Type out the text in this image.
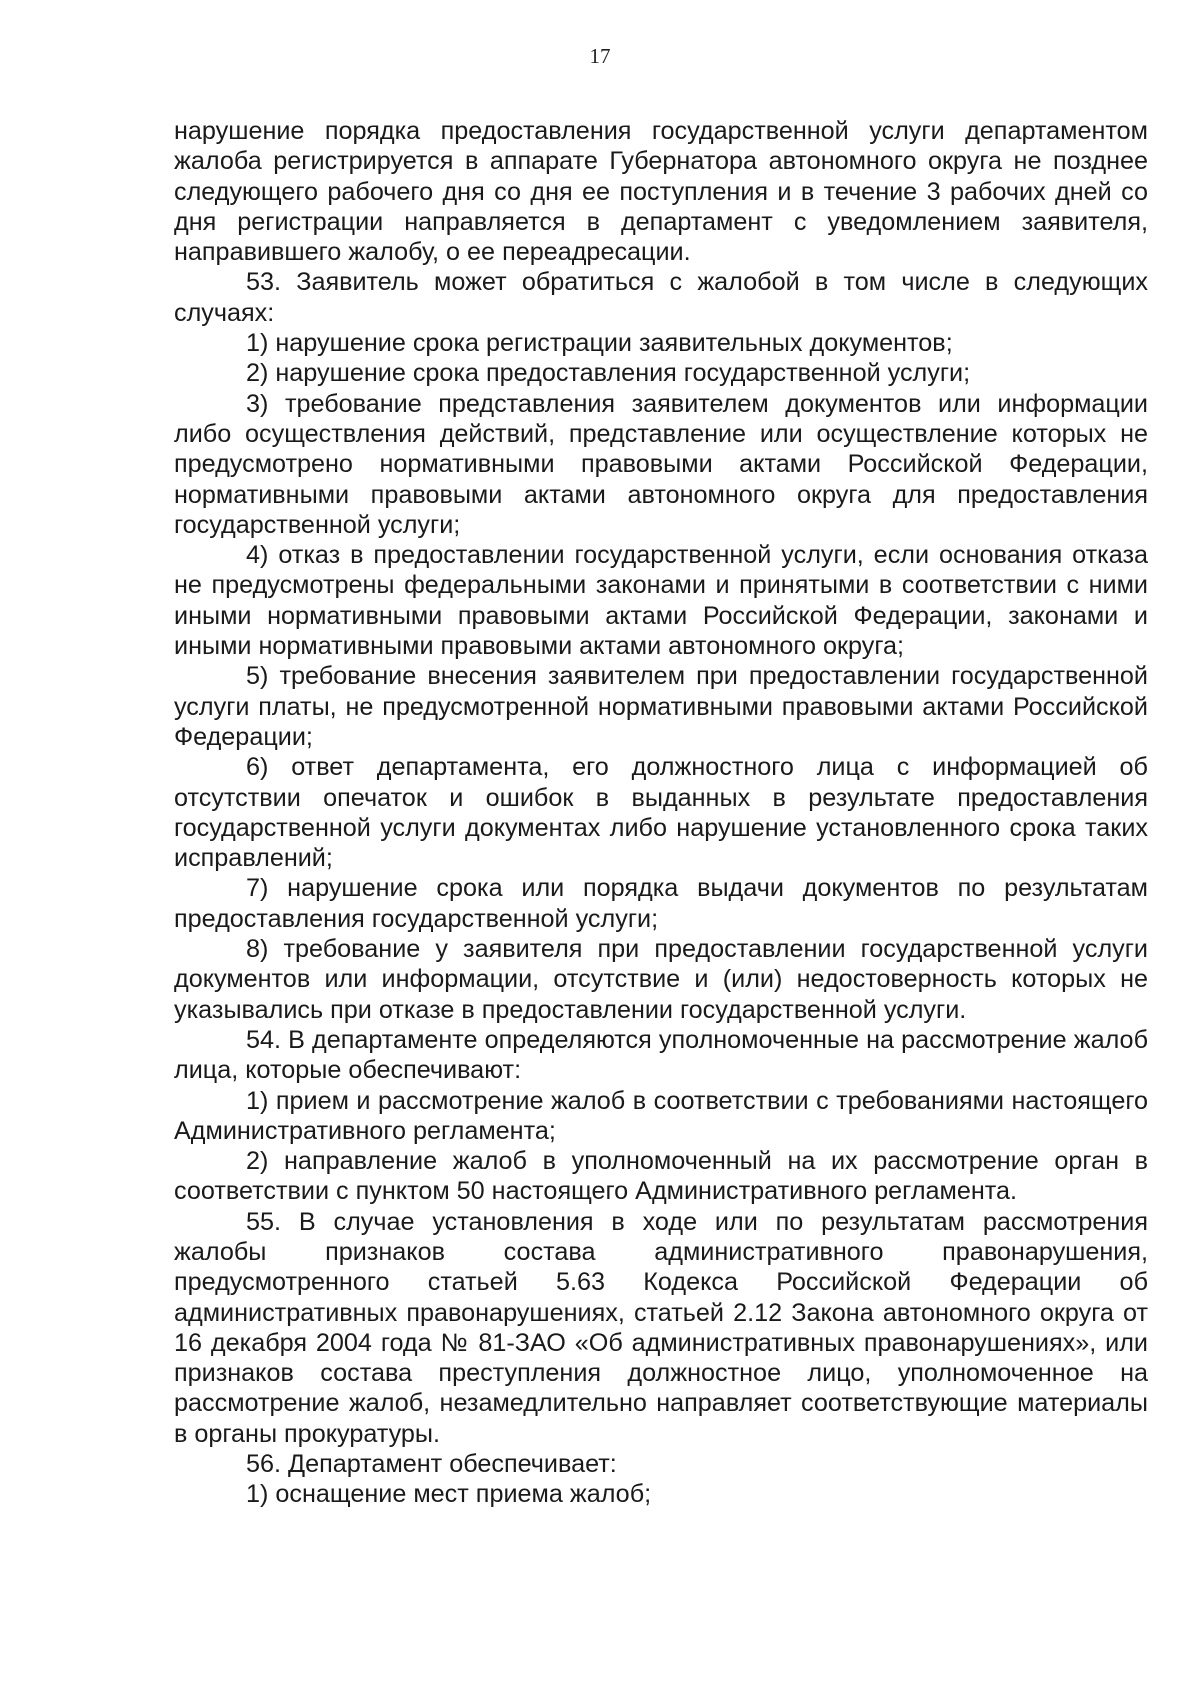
17

нарушение порядка предоставления государственной услуги департаментом жалоба регистрируется в аппарате Губернатора автономного округа не позднее следующего рабочего дня со дня ее поступления и в течение 3 рабочих дней со дня регистрации направляется в департамент с уведомлением заявителя, направившего жалобу, о ее переадресации.

53. Заявитель может обратиться с жалобой в том числе в следующих случаях:

1) нарушение срока регистрации заявительных документов;

2) нарушение срока предоставления государственной услуги;

3) требование представления заявителем документов или информации либо осуществления действий, представление или осуществление которых не предусмотрено нормативными правовыми актами Российской Федерации, нормативными правовыми актами автономного округа для предоставления государственной услуги;

4) отказ в предоставлении государственной услуги, если основания отказа не предусмотрены федеральными законами и принятыми в соответствии с ними иными нормативными правовыми актами Российской Федерации, законами и иными нормативными правовыми актами автономного округа;

5) требование внесения заявителем при предоставлении государственной услуги платы, не предусмотренной нормативными правовыми актами Российской Федерации;

6) ответ департамента, его должностного лица с информацией об отсутствии опечаток и ошибок в выданных в результате предоставления государственной услуги документах либо нарушение установленного срока таких исправлений;

7) нарушение срока или порядка выдачи документов по результатам предоставления государственной услуги;

8) требование у заявителя при предоставлении государственной услуги документов или информации, отсутствие и (или) недостоверность которых не указывались при отказе в предоставлении государственной услуги.

54. В департаменте определяются уполномоченные на рассмотрение жалоб лица, которые обеспечивают:

1) прием и рассмотрение жалоб в соответствии с требованиями настоящего Административного регламента;

2) направление жалоб в уполномоченный на их рассмотрение орган в соответствии с пунктом 50 настоящего Административного регламента.

55. В случае установления в ходе или по результатам рассмотрения жалобы признаков состава административного правонарушения, предусмотренного статьей 5.63 Кодекса Российской Федерации об административных правонарушениях, статьей 2.12 Закона автономного округа от 16 декабря 2004 года № 81-ЗАО «Об административных правонарушениях», или признаков состава преступления должностное лицо, уполномоченное на рассмотрение жалоб, незамедлительно направляет соответствующие материалы в органы прокуратуры.

56. Департамент обеспечивает:

1) оснащение мест приема жалоб;
